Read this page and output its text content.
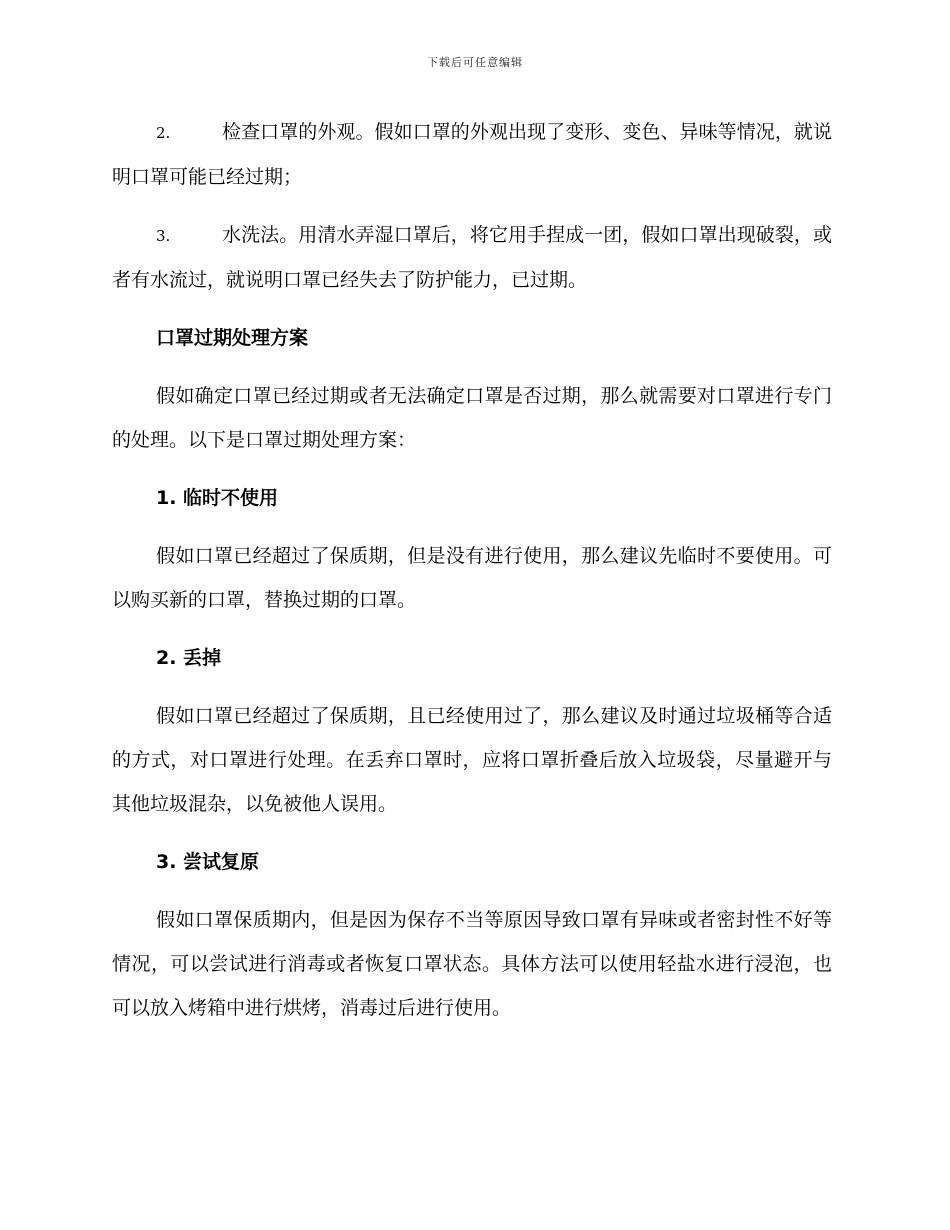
下载后可任意编辑

2.	检查口罩的外观。假如口罩的外观出现了变形、变色、异味等情况，就说明口罩可能已经过期；

3.	水洗法。用清水弄湿口罩后，将它用手捏成一团，假如口罩出现破裂，或者有水流过，就说明口罩已经失去了防护能力，已过期。

口罩过期处理方案

假如确定口罩已经过期或者无法确定口罩是否过期，那么就需要对口罩进行专门的处理。以下是口罩过期处理方案：

1. 临时不使用

假如口罩已经超过了保质期，但是没有进行使用，那么建议先临时不要使用。可以购买新的口罩，替换过期的口罩。

2. 丢掉

假如口罩已经超过了保质期，且已经使用过了，那么建议及时通过垃圾桶等合适的方式，对口罩进行处理。在丢弃口罩时，应将口罩折叠后放入垃圾袋，尽量避开与其他垃圾混杂，以免被他人误用。

3. 尝试复原

假如口罩保质期内，但是因为保存不当等原因导致口罩有异味或者密封性不好等情况，可以尝试进行消毒或者恢复口罩状态。具体方法可以使用轻盐水进行浸泡，也可以放入烤箱中进行烘烤，消毒过后进行使用。
